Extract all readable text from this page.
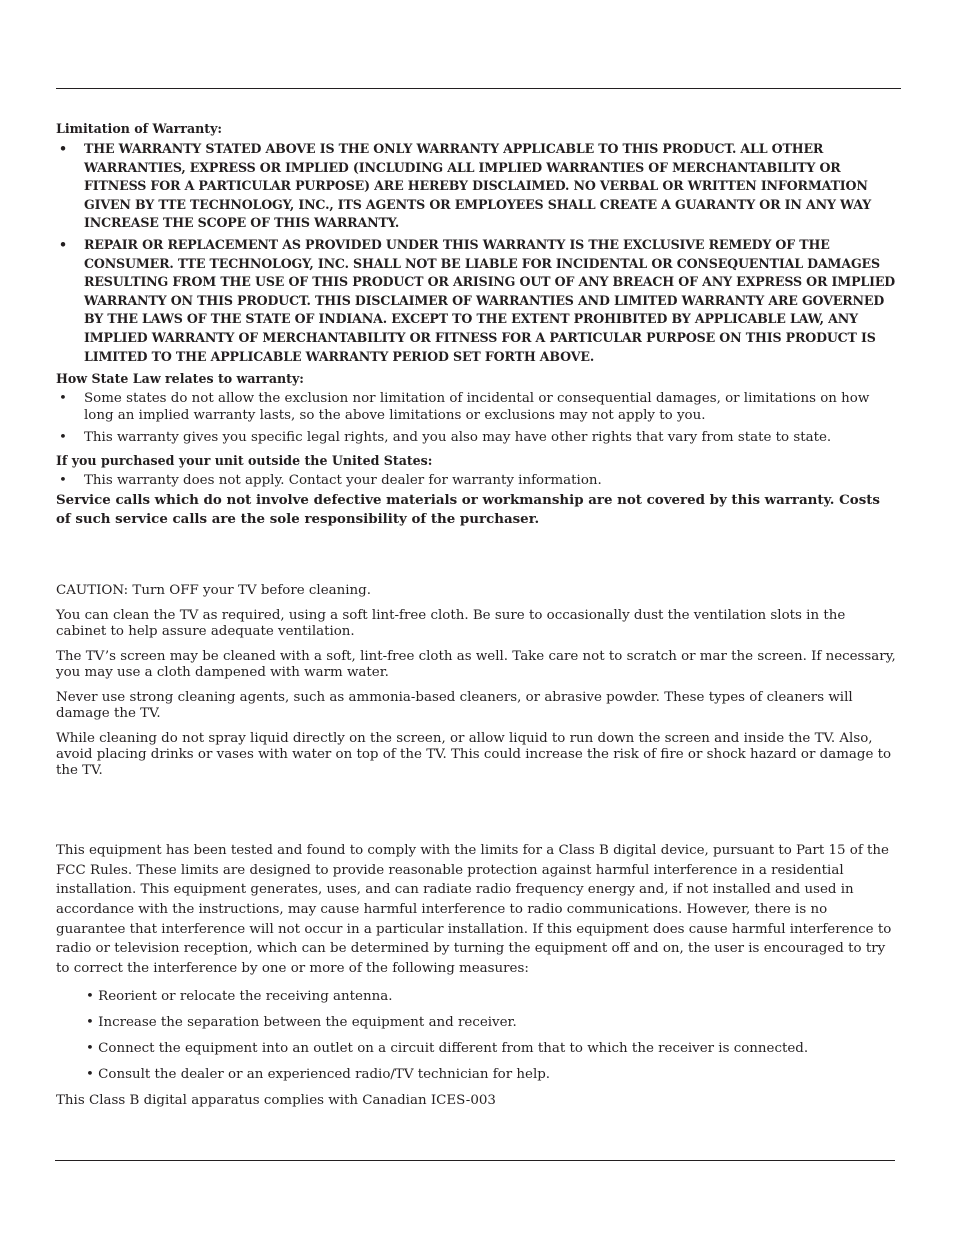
Limitation of Warranty:
• THE WARRANTY STATED ABOVE IS THE ONLY WARRANTY APPLICABLE TO THIS PRODUCT. ALL OTHER WARRANTIES, EXPRESS OR IMPLIED (INCLUDING ALL IMPLIED WARRANTIES OF MERCHANTABILITY OR FITNESS FOR A PARTICULAR PURPOSE) ARE HEREBY DISCLAIMED. NO VERBAL OR WRITTEN INFORMATION GIVEN BY TTE TECHNOLOGY, INC., ITS AGENTS OR EMPLOYEES SHALL CREATE A GUARANTY OR IN ANY WAY INCREASE THE SCOPE OF THIS WARRANTY.
• REPAIR OR REPLACEMENT AS PROVIDED UNDER THIS WARRANTY IS THE EXCLUSIVE REMEDY OF THE CONSUMER. TTE TECHNOLOGY, INC. SHALL NOT BE LIABLE FOR INCIDENTAL OR CONSEQUENTIAL DAMAGES RESULTING FROM THE USE OF THIS PRODUCT OR ARISING OUT OF ANY BREACH OF ANY EXPRESS OR IMPLIED WARRANTY ON THIS PRODUCT. THIS DISCLAIMER OF WARRANTIES AND LIMITED WARRANTY ARE GOVERNED BY THE LAWS OF THE STATE OF INDIANA. EXCEPT TO THE EXTENT PROHIBITED BY APPLICABLE LAW, ANY IMPLIED WARRANTY OF MERCHANTABILITY OR FITNESS FOR A PARTICULAR PURPOSE ON THIS PRODUCT IS LIMITED TO THE APPLICABLE WARRANTY PERIOD SET FORTH ABOVE.
How State Law relates to warranty:
• Some states do not allow the exclusion nor limitation of incidental or consequential damages, or limitations on how long an implied warranty lasts, so the above limitations or exclusions may not apply to you.
• This warranty gives you specific legal rights, and you also may have other rights that vary from state to state.
If you purchased your unit outside the United States:
• This warranty does not apply. Contact your dealer for warranty information.
Service calls which do not involve defective materials or workmanship are not covered by this warranty. Costs of such service calls are the sole responsibility of the purchaser.

CAUTION: Turn OFF your TV before cleaning.

You can clean the TV as required, using a soft lint-free cloth. Be sure to occasionally dust the ventilation slots in the cabinet to help assure adequate ventilation.

The TV’s screen may be cleaned with a soft, lint-free cloth as well. Take care not to scratch or mar the screen. If necessary, you may use a cloth dampened with warm water.

Never use strong cleaning agents, such as ammonia-based cleaners, or abrasive powder. These types of cleaners will damage the TV.

While cleaning do not spray liquid directly on the screen, or allow liquid to run down the screen and inside the TV. Also, avoid placing drinks or vases with water on top of the TV. This could increase the risk of fire or shock hazard or damage to the TV.

This equipment has been tested and found to comply with the limits for a Class B digital device, pursuant to Part 15 of the FCC Rules. These limits are designed to provide reasonable protection against harmful interference in a residential installation. This equipment generates, uses, and can radiate radio frequency energy and, if not installed and used in accordance with the instructions, may cause harmful interference to radio communications. However, there is no guarantee that interference will not occur in a particular installation. If this equipment does cause harmful interference to radio or television reception, which can be determined by turning the equipment off and on, the user is encouraged to try to correct the interference by one or more of the following measures:

• Reorient or relocate the receiving antenna.
• Increase the separation between the equipment and receiver.
• Connect the equipment into an outlet on a circuit different from that to which the receiver is connected.
• Consult the dealer or an experienced radio/TV technician for help.

This Class B digital apparatus complies with Canadian ICES-003
